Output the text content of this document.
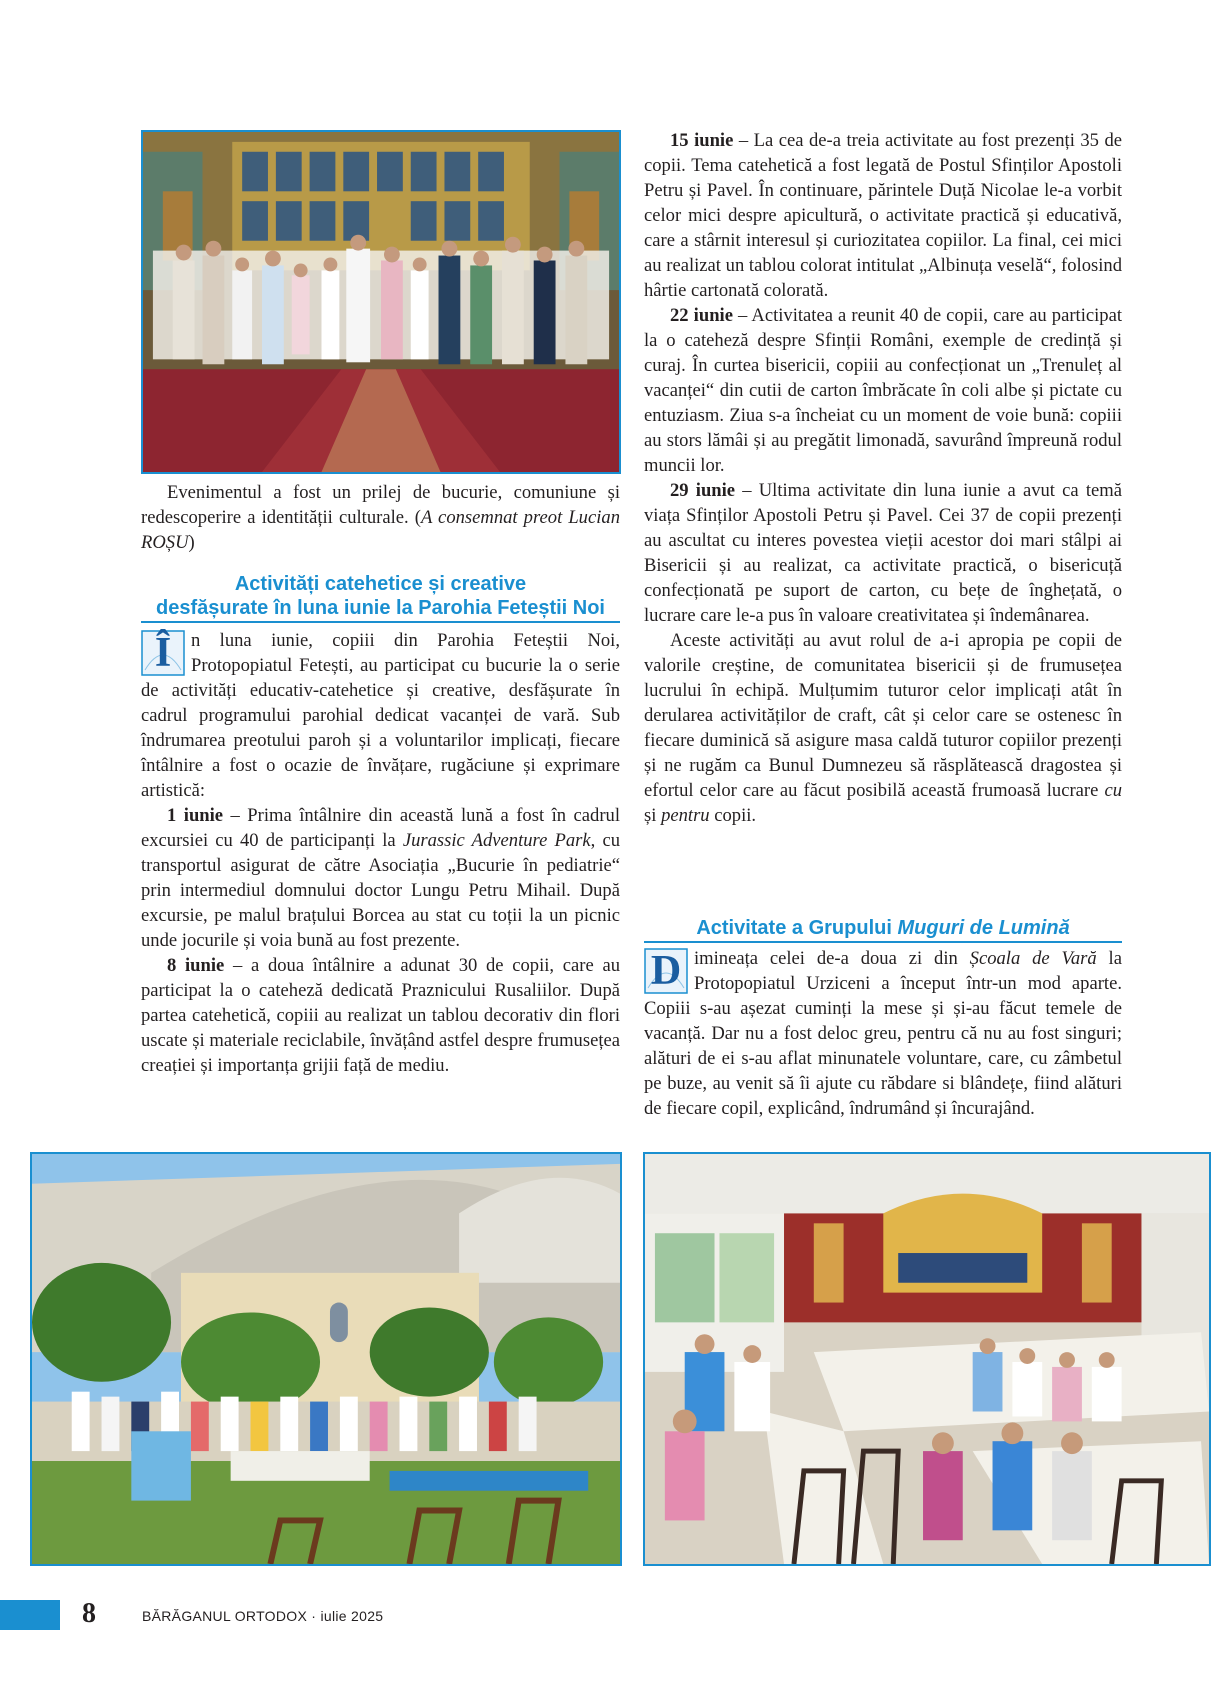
Evenimentul a fost un prilej de bucurie, comuniune și redescoperire a identității culturale. (A consemnat preot Lucian ROȘU)

Activități catehetice și creative
desfășurate în luna iunie la Parohia Feteștii Noi

Î	n luna iunie, copiii din Parohia Feteștii Noi, Protopopiatul Fetești, au participat cu bucurie la o serie de activități educativ-catehetice și creative, desfășurate în cadrul programului parohial dedicat vacanței de vară. Sub îndrumarea preotului paroh și a voluntarilor implicați, fiecare întâlnire a fost o ocazie de învățare, rugăciune și exprimare artistică:

1 iunie – Prima întâlnire din această lună a fost în cadrul excursiei cu 40 de participanți la Jurassic Adventure Park, cu transportul asigurat de către Asociația „Bucurie în pediatrie“ prin intermediul domnului doctor Lungu Petru Mihail. După excursie, pe malul brațului Borcea au stat cu toții la un picnic unde jocurile și voia bună au fost prezente.

8 iunie – a doua întâlnire a adunat 30 de copii, care au participat la o cateheză dedicată Praznicului Rusaliilor. După partea catehetică, copiii au realizat un tablou decorativ din flori uscate și materiale reciclabile, învățând astfel despre frumusețea creației și importanța grijii față de mediu.

15 iunie – La cea de-a treia activitate au fost prezenți 35 de copii. Tema catehetică a fost legată de Postul Sfinților Apostoli Petru și Pavel. În continuare, părintele Duță Nicolae le-a vorbit celor mici despre apicultură, o activitate practică și educativă, care a stârnit interesul și curiozitatea copiilor. La final, cei mici au realizat un tablou colorat intitulat „Albinuța veselă“, folosind hârtie cartonată colorată.

22 iunie – Activitatea a reunit 40 de copii, care au participat la o cateheză despre Sfinții Români, exemple de credință și curaj. În curtea bisericii, copiii au confecționat un „Trenuleț al vacanței“ din cutii de carton îmbrăcate în coli albe și pictate cu entuziasm. Ziua s-a încheiat cu un moment de voie bună: copiii au stors lămâi și au pregătit limonadă, savurând împreună rodul muncii lor.

29 iunie – Ultima activitate din luna iunie a avut ca temă viața Sfinților Apostoli Petru și Pavel. Cei 37 de copii prezenți au ascultat cu interes povestea vieții acestor doi mari stâlpi ai Bisericii și au realizat, ca activitate practică, o bisericuță confecționată pe suport de carton, cu bețe de înghețată, o lucrare care le-a pus în valoare creativitatea și îndemânarea.

Aceste activități au avut rolul de a-i apropia pe copii de valorile creștine, de comunitatea bisericii și de frumusețea lucrului în echipă. Mulțumim tuturor celor implicați atât în derularea activităților de craft, cât și celor care se ostenesc în fiecare duminică să asigure masa caldă tuturor copiilor prezenți și ne rugăm ca Bunul Dumnezeu să răsplătească dragostea și efortul celor care au făcut posibilă această frumoasă lucrare cu și pentru copii.

Activitate a Grupului Muguri de Lumină

D imineața celei de-a doua zi din Școala de Vară la Protopopiatul Urziceni a început într-un mod aparte. Copiii s-au așezat cuminți la mese și și-au făcut temele de vacanță. Dar nu a fost deloc greu, pentru că nu au fost singuri; alături de ei s-au aflat minunatele voluntare, care, cu zâmbetul pe buze, au venit să îi ajute cu răbdare si blândețe, fiind alături de fiecare copil, explicând, îndrumând și încurajând.

8	BĂRĂGANUL ORTODOX · iulie 2025
